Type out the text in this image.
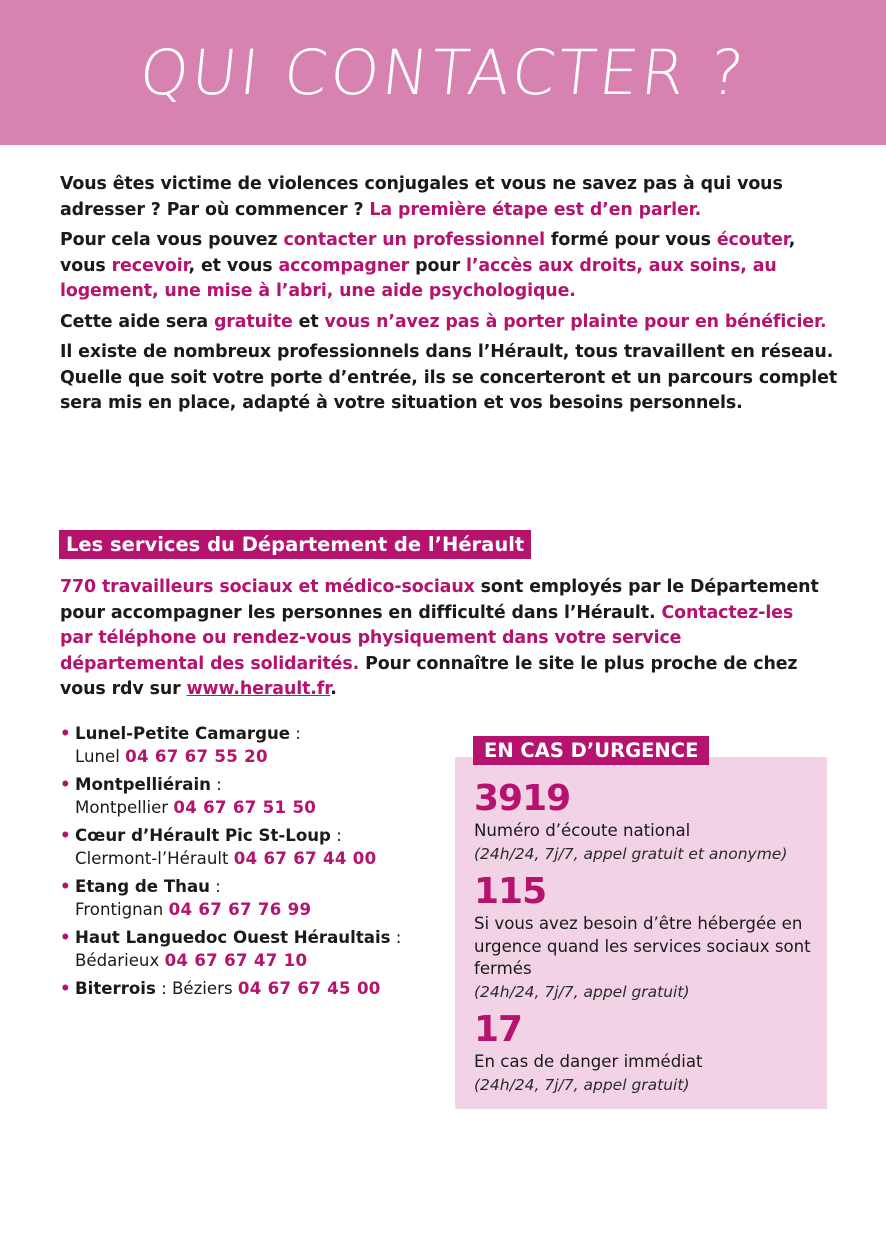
QUI CONTACTER ?

Vous êtes victime de violences conjugales et vous ne savez pas à qui vous adresser ? Par où commencer ? La première étape est d’en parler.

Pour cela vous pouvez contacter un professionnel formé pour vous écouter, vous recevoir, et vous accompagner pour l’accès aux droits, aux soins, au logement, une mise à l’abri, une aide psychologique.

Cette aide sera gratuite et vous n’avez pas à porter plainte pour en bénéficier.

Il existe de nombreux professionnels dans l’Hérault, tous travaillent en réseau. Quelle que soit votre porte d’entrée, ils se concerteront et un parcours complet sera mis en place, adapté à votre situation et vos besoins personnels.

Les services du Département de l’Hérault

770 travailleurs sociaux et médico-sociaux sont employés par le Département pour accompagner les personnes en difficulté dans l’Hérault. Contactez-les par téléphone ou rendez-vous physiquement dans votre service départemental des solidarités. Pour connaître le site le plus proche de chez vous rdv sur www.herault.fr.

• Lunel-Petite Camargue :
Lunel 04 67 67 55 20
• Montpelliérain :
Montpellier 04 67 67 51 50
• Cœur d’Hérault Pic St-Loup :
Clermont-l’Hérault 04 67 67 44 00
• Etang de Thau :
Frontignan 04 67 67 76 99
• Haut Languedoc Ouest Héraultais :
Bédarieux 04 67 67 47 10
• Biterrois : Béziers 04 67 67 45 00
EN CAS D’URGENCE
3919
Numéro d’écoute national
(24h/24, 7j/7, appel gratuit et anonyme)
115
Si vous avez besoin d’être hébergée en urgence quand les services sociaux sont fermés
(24h/24, 7j/7, appel gratuit)
17
En cas de danger immédiat
(24h/24, 7j/7, appel gratuit)
